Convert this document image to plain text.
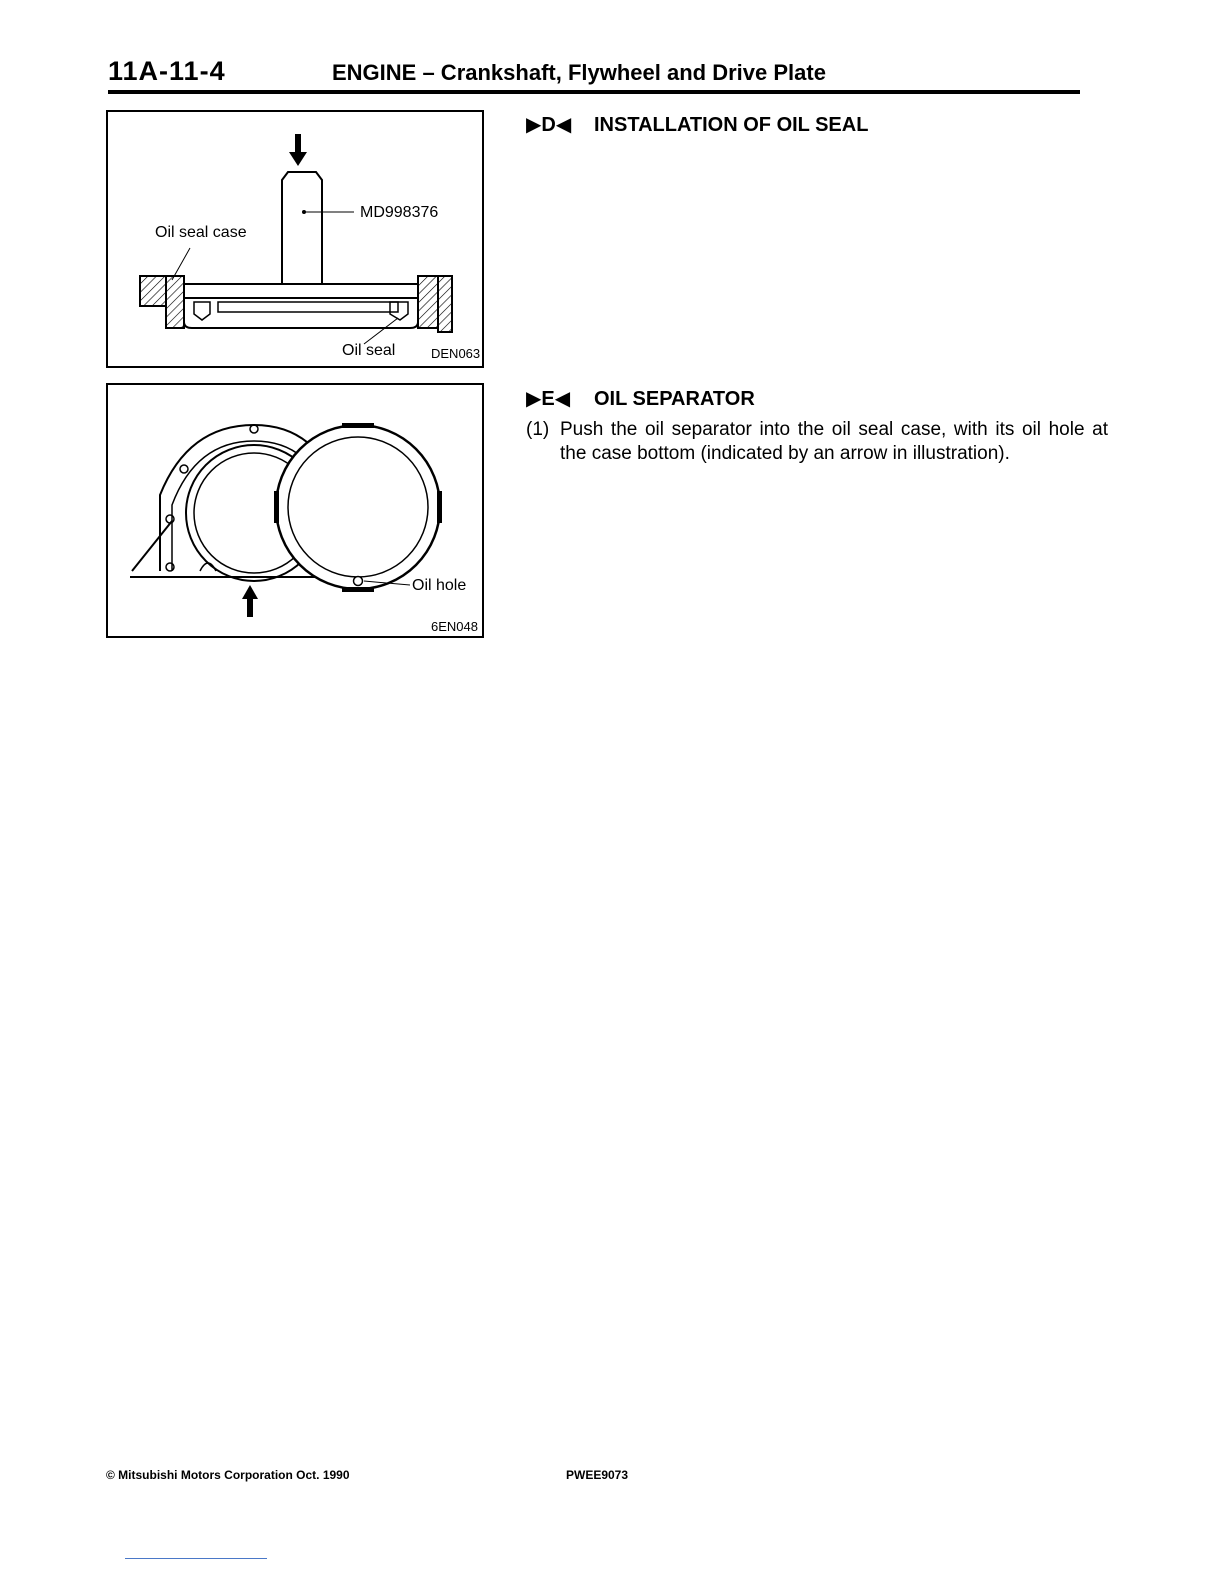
11A-11-4	ENGINE – Crankshaft, Flywheel and Drive Plate
MD998376
Oil seal case
Oil seal	DEN063
Oil hole
6EN048
▶D◀ INSTALLATION OF OIL SEAL
▶E◀ OIL SEPARATOR
(1) Push the oil separator into the oil seal case, with its oil hole at the case bottom (indicated by an arrow in illustration).
© Mitsubishi Motors Corporation Oct. 1990	PWEE9073
